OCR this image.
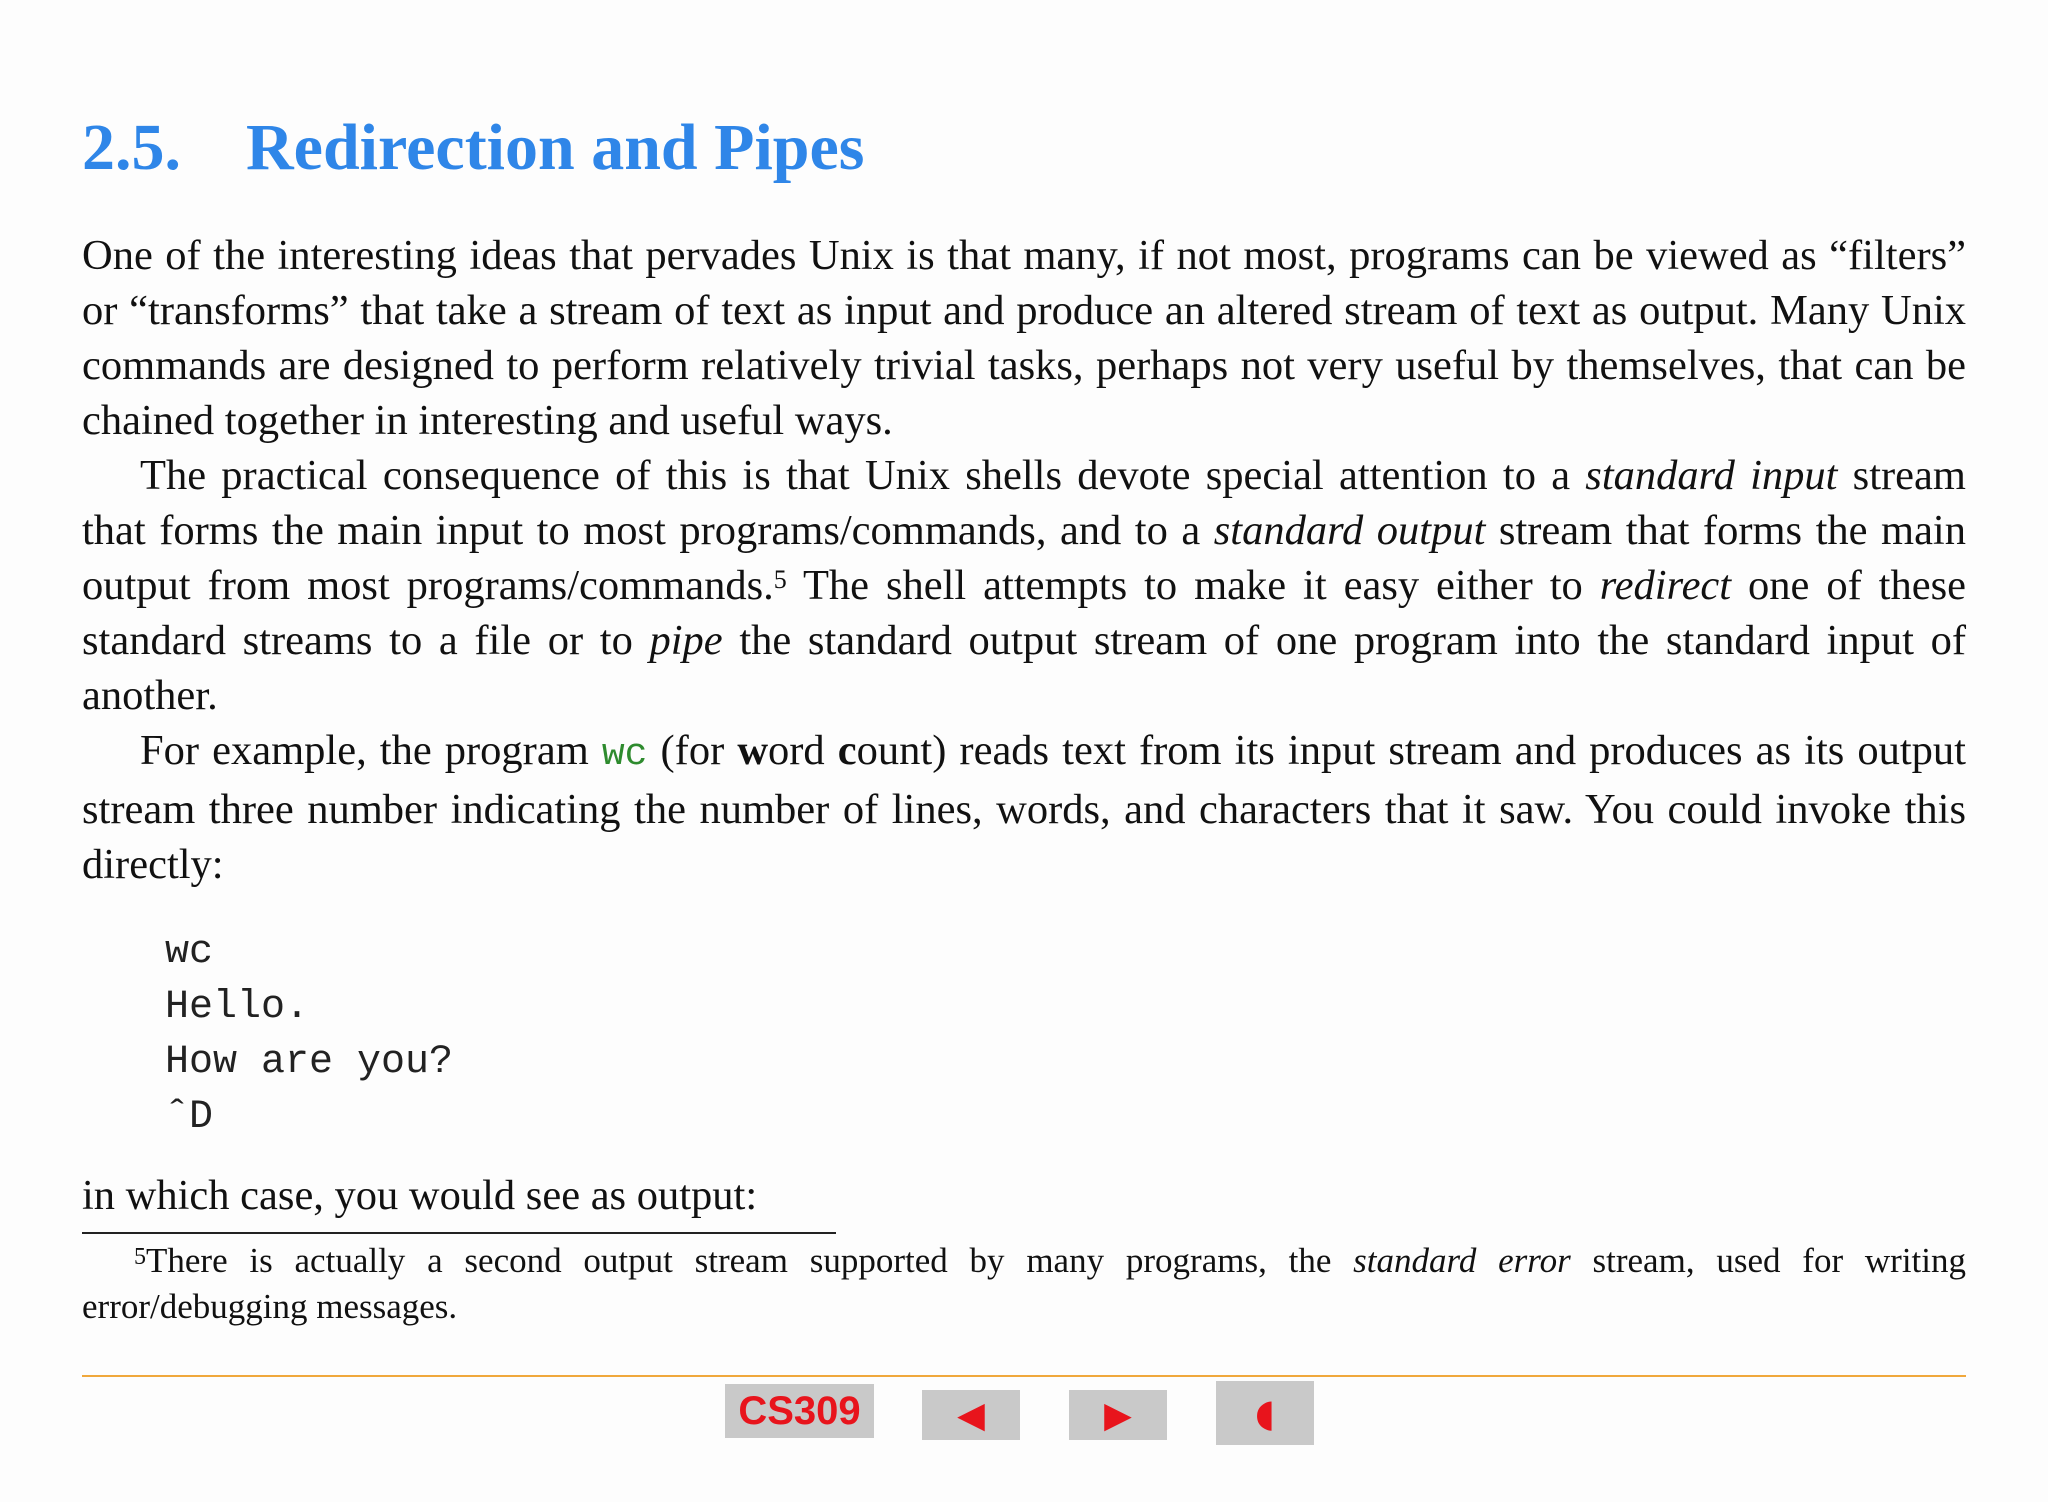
2.5. Redirection and Pipes

One of the interesting ideas that pervades Unix is that many, if not most, programs can be viewed as “filters” or “transforms” that take a stream of text as input and produce an altered stream of text as output. Many Unix commands are designed to perform relatively trivial tasks, perhaps not very useful by themselves, that can be chained together in interesting and useful ways.

The practical consequence of this is that Unix shells devote special attention to a standard input stream that forms the main input to most programs/commands, and to a standard output stream that forms the main output from most programs/commands.$^5$ The shell attempts to make it easy either to redirect one of these standard streams to a file or to pipe the standard output stream of one program into the standard input of another.

For example, the program wc (for word count) reads text from its input stream and produces as its output stream three number indicating the number of lines, words, and characters that it saw. You could invoke this directly:

wc
Hello.
How are you?
ˆD

in which case, you would see as output:

$^5$There is actually a second output stream supported by many programs, the standard error stream, used for writing error/debugging messages.

CS309	◀	▶	◖
